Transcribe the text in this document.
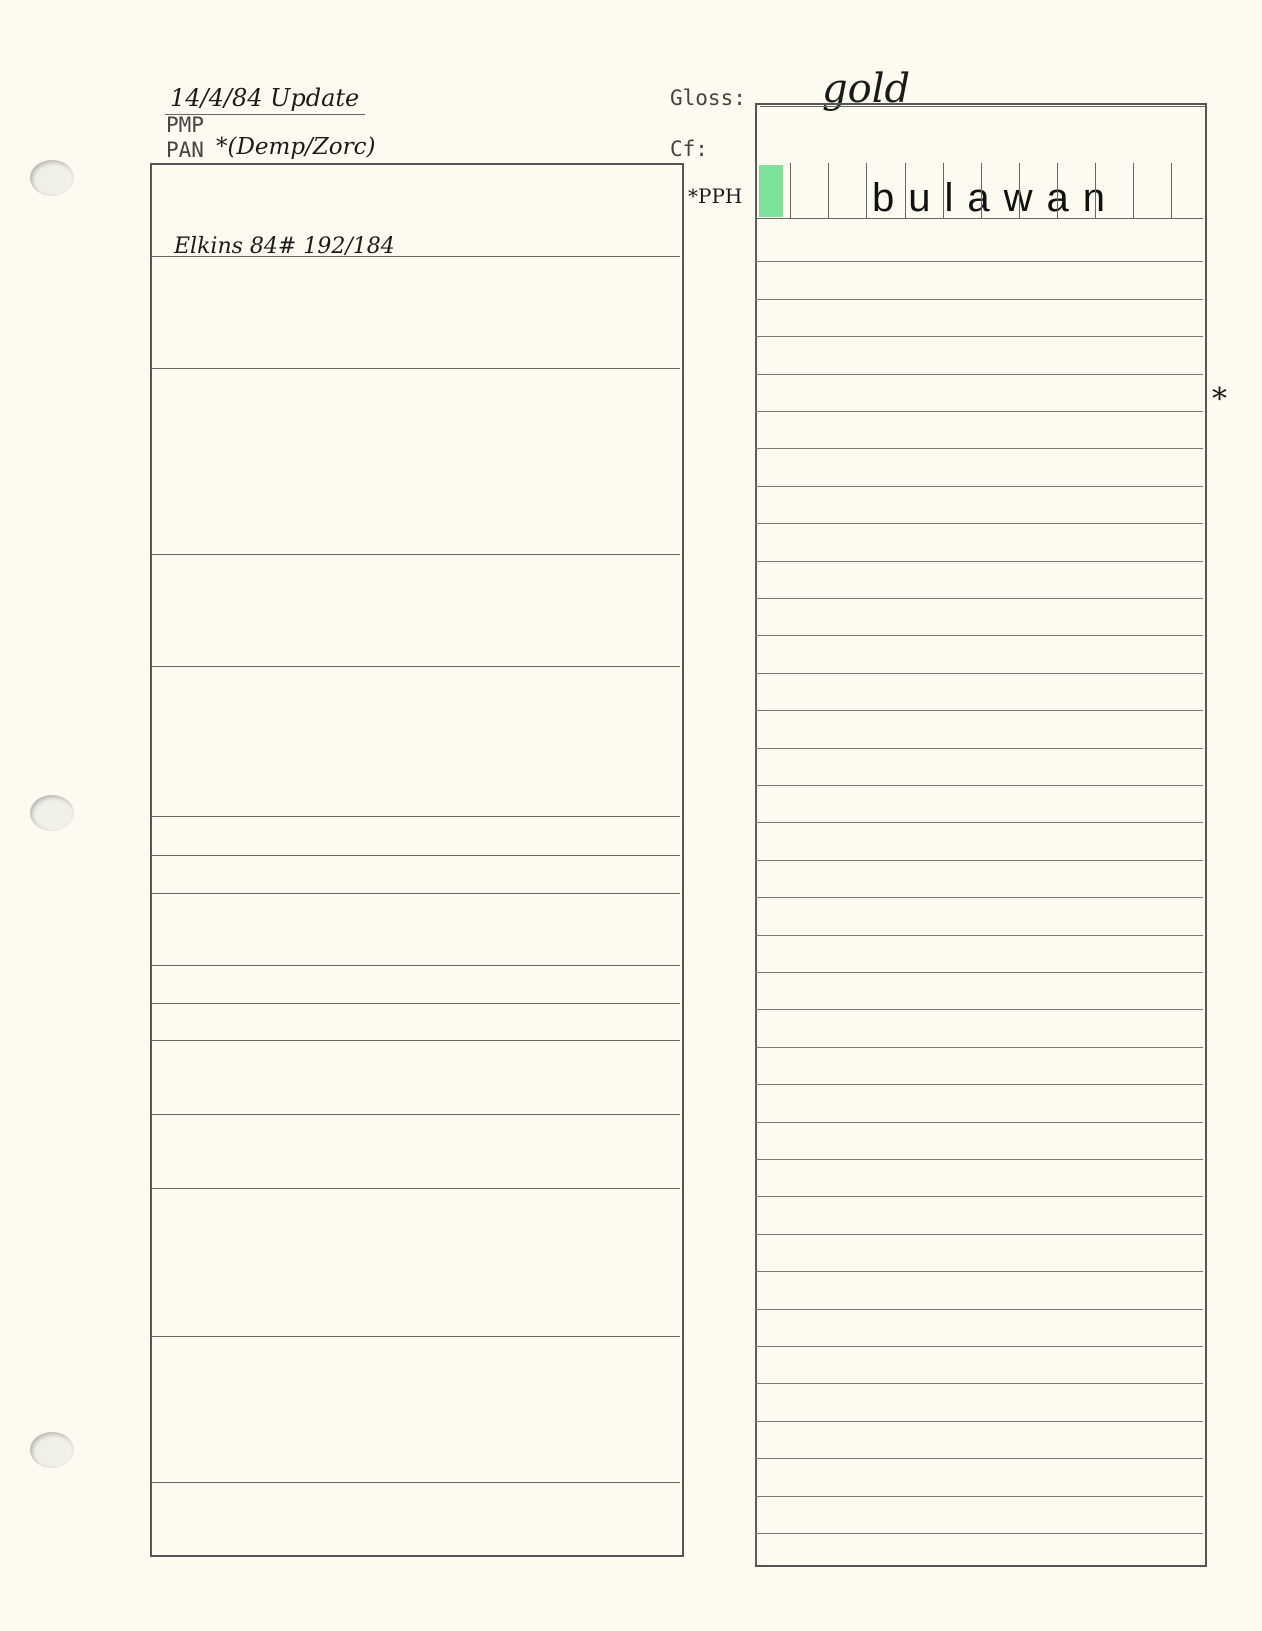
14/4/84 Update
PMP
PAN *(Demp/Zorc)
Gloss: gold
Cf:
Elkins 84# 192/184
*
*PPH	bulawan
